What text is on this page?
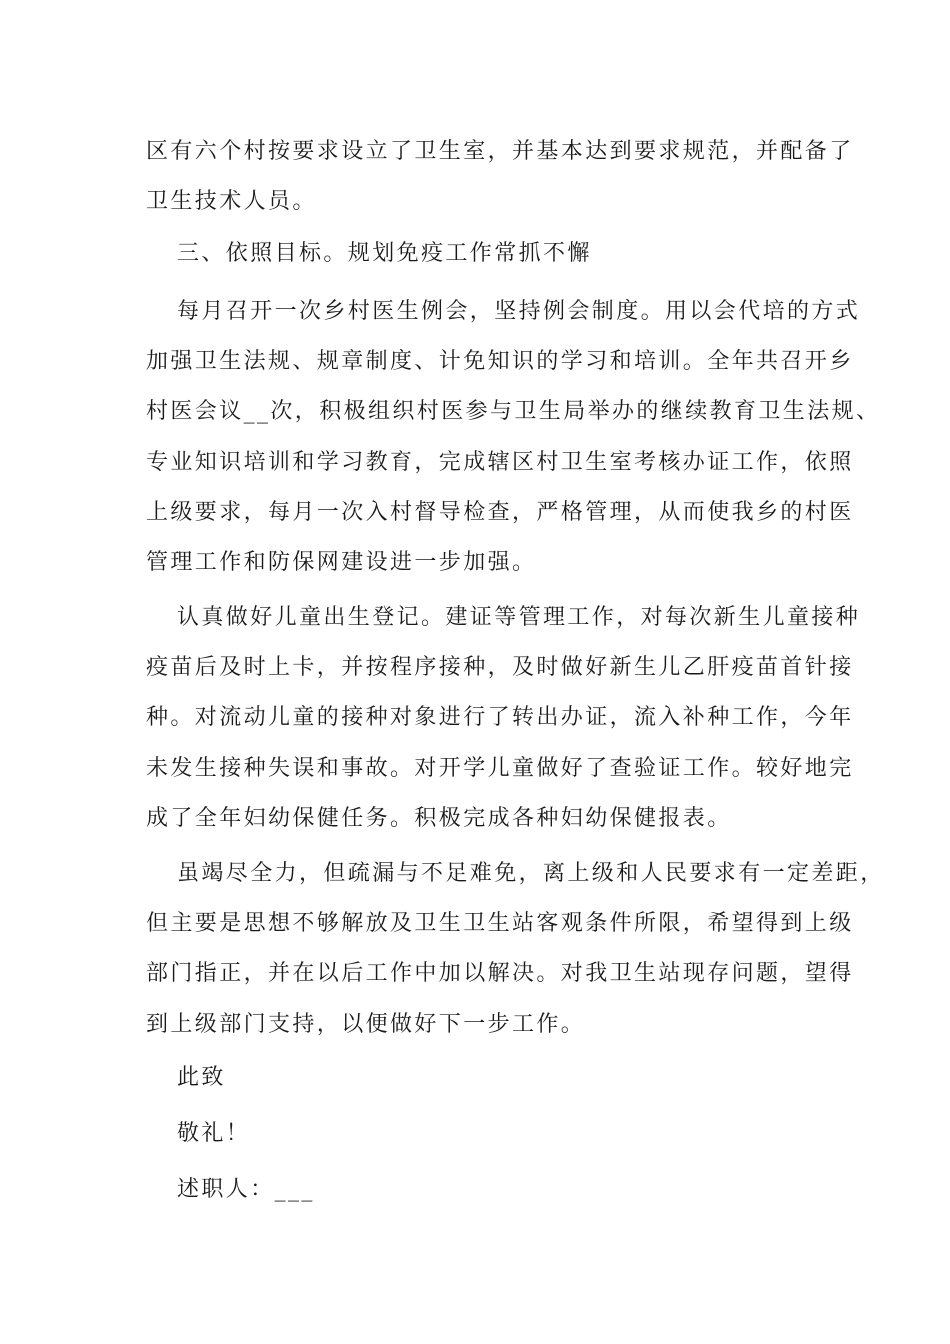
区有六个村按要求设立了卫生室，并基本达到要求规范，并配备了
卫生技术人员。
三、依照目标。规划免疫工作常抓不懈
每月召开一次乡村医生例会，坚持例会制度。用以会代培的方式
加强卫生法规、规章制度、计免知识的学习和培训。全年共召开乡
村医会议__次，积极组织村医参与卫生局举办的继续教育卫生法规、
专业知识培训和学习教育，完成辖区村卫生室考核办证工作，依照
上级要求，每月一次入村督导检查，严格管理，从而使我乡的村医
管理工作和防保网建设进一步加强。
认真做好儿童出生登记。建证等管理工作，对每次新生儿童接种
疫苗后及时上卡，并按程序接种，及时做好新生儿乙肝疫苗首针接
种。对流动儿童的接种对象进行了转出办证，流入补种工作，今年
未发生接种失误和事故。对开学儿童做好了查验证工作。较好地完
成了全年妇幼保健任务。积极完成各种妇幼保健报表。
虽竭尽全力，但疏漏与不足难免，离上级和人民要求有一定差距，
但主要是思想不够解放及卫生卫生站客观条件所限，希望得到上级
部门指正，并在以后工作中加以解决。对我卫生站现存问题，望得
到上级部门支持，以便做好下一步工作。
此致
敬礼！
述职人：___
